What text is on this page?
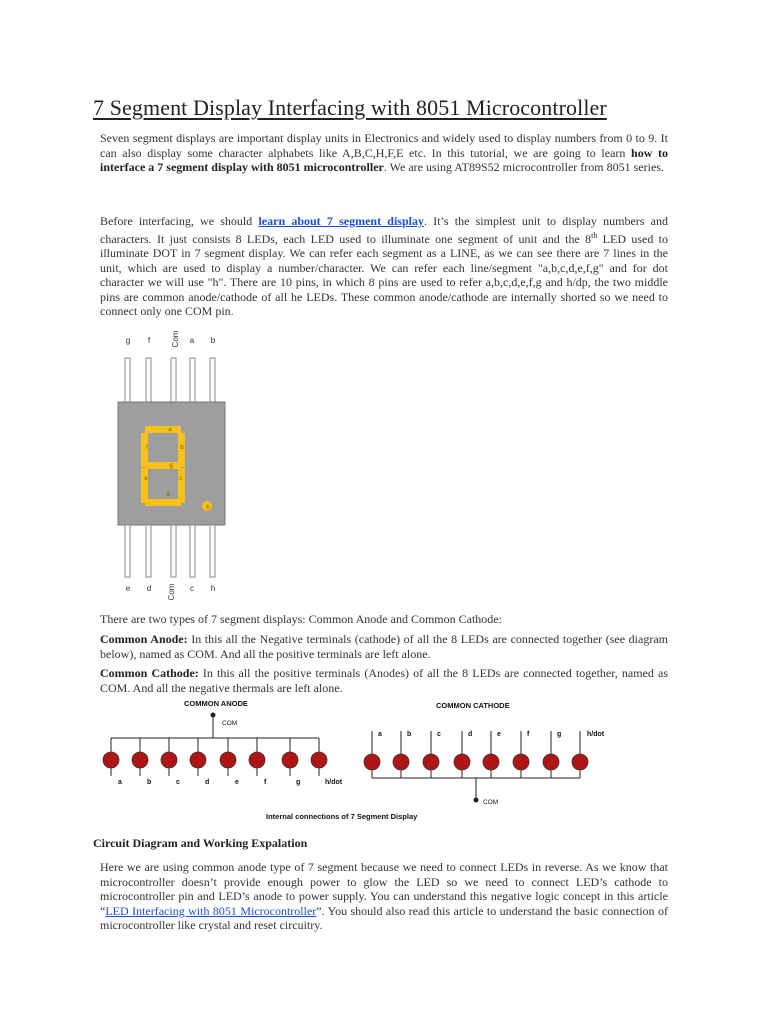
7 Segment Display Interfacing with 8051 Microcontroller

Seven segment displays are important display units in Electronics and widely used to display numbers from 0 to 9. It can also display some character alphabets like A,B,C,H,F,E etc. In this tutorial, we are going to learn how to interface a 7 segment display with 8051 microcontroller. We are using AT89S52 microcontroller from 8051 series.

Before interfacing, we should learn about 7 segment display. It’s the simplest unit to display numbers and characters. It just consists 8 LEDs, each LED used to illuminate one segment of unit and the 8th LED used to illuminate DOT in 7 segment display. We can refer each segment as a LINE, as we can see there are 7 lines in the unit, which are used to display a number/character. We can refer each line/segment "a,b,c,d,e,f,g" and for dot character we will use "h". There are 10 pins, in which 8 pins are used to refer a,b,c,d,e,f,g and h/dp, the two middle pins are common anode/cathode of all he LEDs. These common anode/cathode are internally shorted so we need to connect only one COM pin.

g f	Com a b
a
f	b
g
e	c
d
h
e d Com c h

There are two types of 7 segment displays: Common Anode and Common Cathode:

Common Anode: In this all the Negative terminals (cathode) of all the 8 LEDs are connected together (see diagram below), named as COM. And all the positive terminals are left alone.

Common Cathode: In this all the positive terminals (Anodes) of all the 8 LEDs are connected together, named as COM. And all the negative thermals are left alone.

COMMON ANODE
COM
a	b	c	d	e	f	g	h/dot
COMMON CATHODE
a	b	c	d	e	f	g	h/dot
COM
Internal connections of 7 Segment Display
Circuit Diagram and Working Expalation

Here we are using common anode type of 7 segment because we need to connect LEDs in reverse. As we know that microcontroller doesn’t provide enough power to glow the LED so we need to connect LED’s cathode to microcontroller pin and LED’s anode to power supply. You can understand this negative logic concept in this article “LED Interfacing with 8051 Microcontroller”. You should also read this article to understand the basic connection of microcontroller like crystal and reset circuitry.
